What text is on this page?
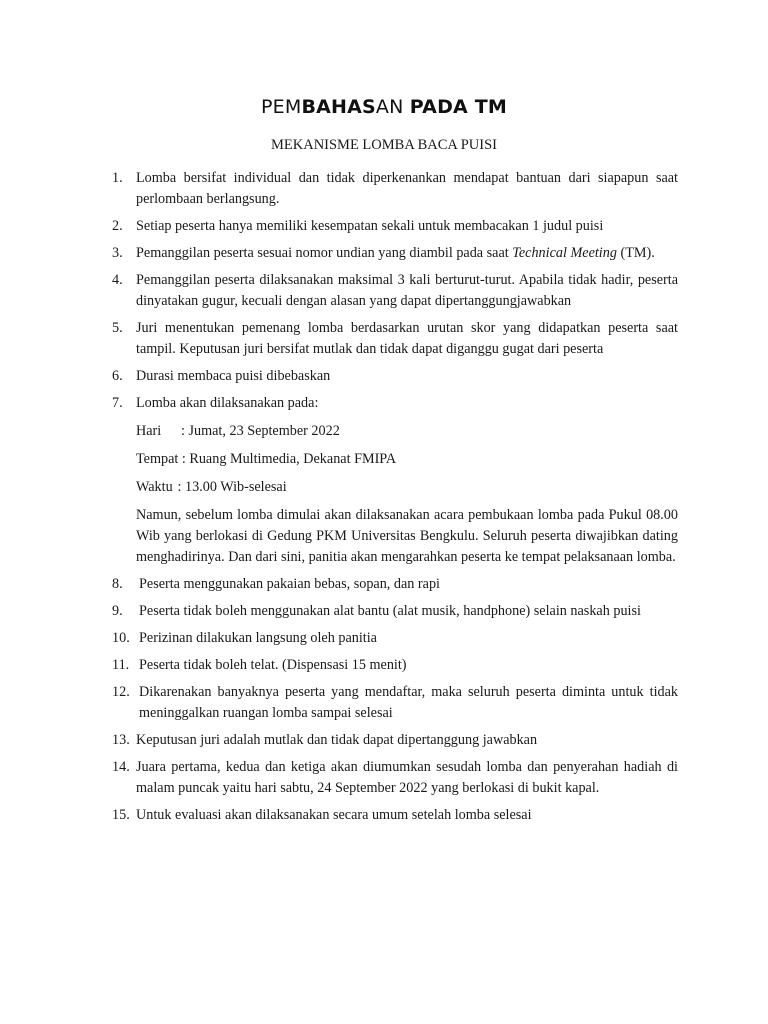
PEMBAHASAN PADA TM
MEKANISME LOMBA BACA PUISI
1. Lomba bersifat individual dan tidak diperkenankan mendapat bantuan dari siapapun saat perlombaan berlangsung.
2. Setiap peserta hanya memiliki kesempatan sekali untuk membacakan 1 judul puisi
3. Pemanggilan peserta sesuai nomor undian yang diambil pada saat Technical Meeting (TM).
4. Pemanggilan peserta dilaksanakan maksimal 3 kali berturut-turut. Apabila tidak hadir, peserta dinyatakan gugur, kecuali dengan alasan yang dapat dipertanggungjawabkan
5. Juri menentukan pemenang lomba berdasarkan urutan skor yang didapatkan peserta saat tampil. Keputusan juri bersifat mutlak dan tidak dapat diganggu gugat dari peserta
6. Durasi membaca puisi dibebaskan
7. Lomba akan dilaksanakan pada:
Hari : Jumat, 23 September 2022
Tempat : Ruang Multimedia, Dekanat FMIPA
Waktu : 13.00 Wib-selesai
Namun, sebelum lomba dimulai akan dilaksanakan acara pembukaan lomba pada Pukul 08.00 Wib yang berlokasi di Gedung PKM Universitas Bengkulu. Seluruh peserta diwajibkan dating menghadirinya. Dan dari sini, panitia akan mengarahkan peserta ke tempat pelaksanaan lomba.
8. Peserta menggunakan pakaian bebas, sopan, dan rapi
9. Peserta tidak boleh menggunakan alat bantu (alat musik, handphone) selain naskah puisi
10. Perizinan dilakukan langsung oleh panitia
11. Peserta tidak boleh telat. (Dispensasi 15 menit)
12. Dikarenakan banyaknya peserta yang mendaftar, maka seluruh peserta diminta untuk tidak meninggalkan ruangan lomba sampai selesai
13. Keputusan juri adalah mutlak dan tidak dapat dipertanggung jawabkan
14. Juara pertama, kedua dan ketiga akan diumumkan sesudah lomba dan penyerahan hadiah di malam puncak yaitu hari sabtu, 24 September 2022 yang berlokasi di bukit kapal.
15. Untuk evaluasi akan dilaksanakan secara umum setelah lomba selesai
